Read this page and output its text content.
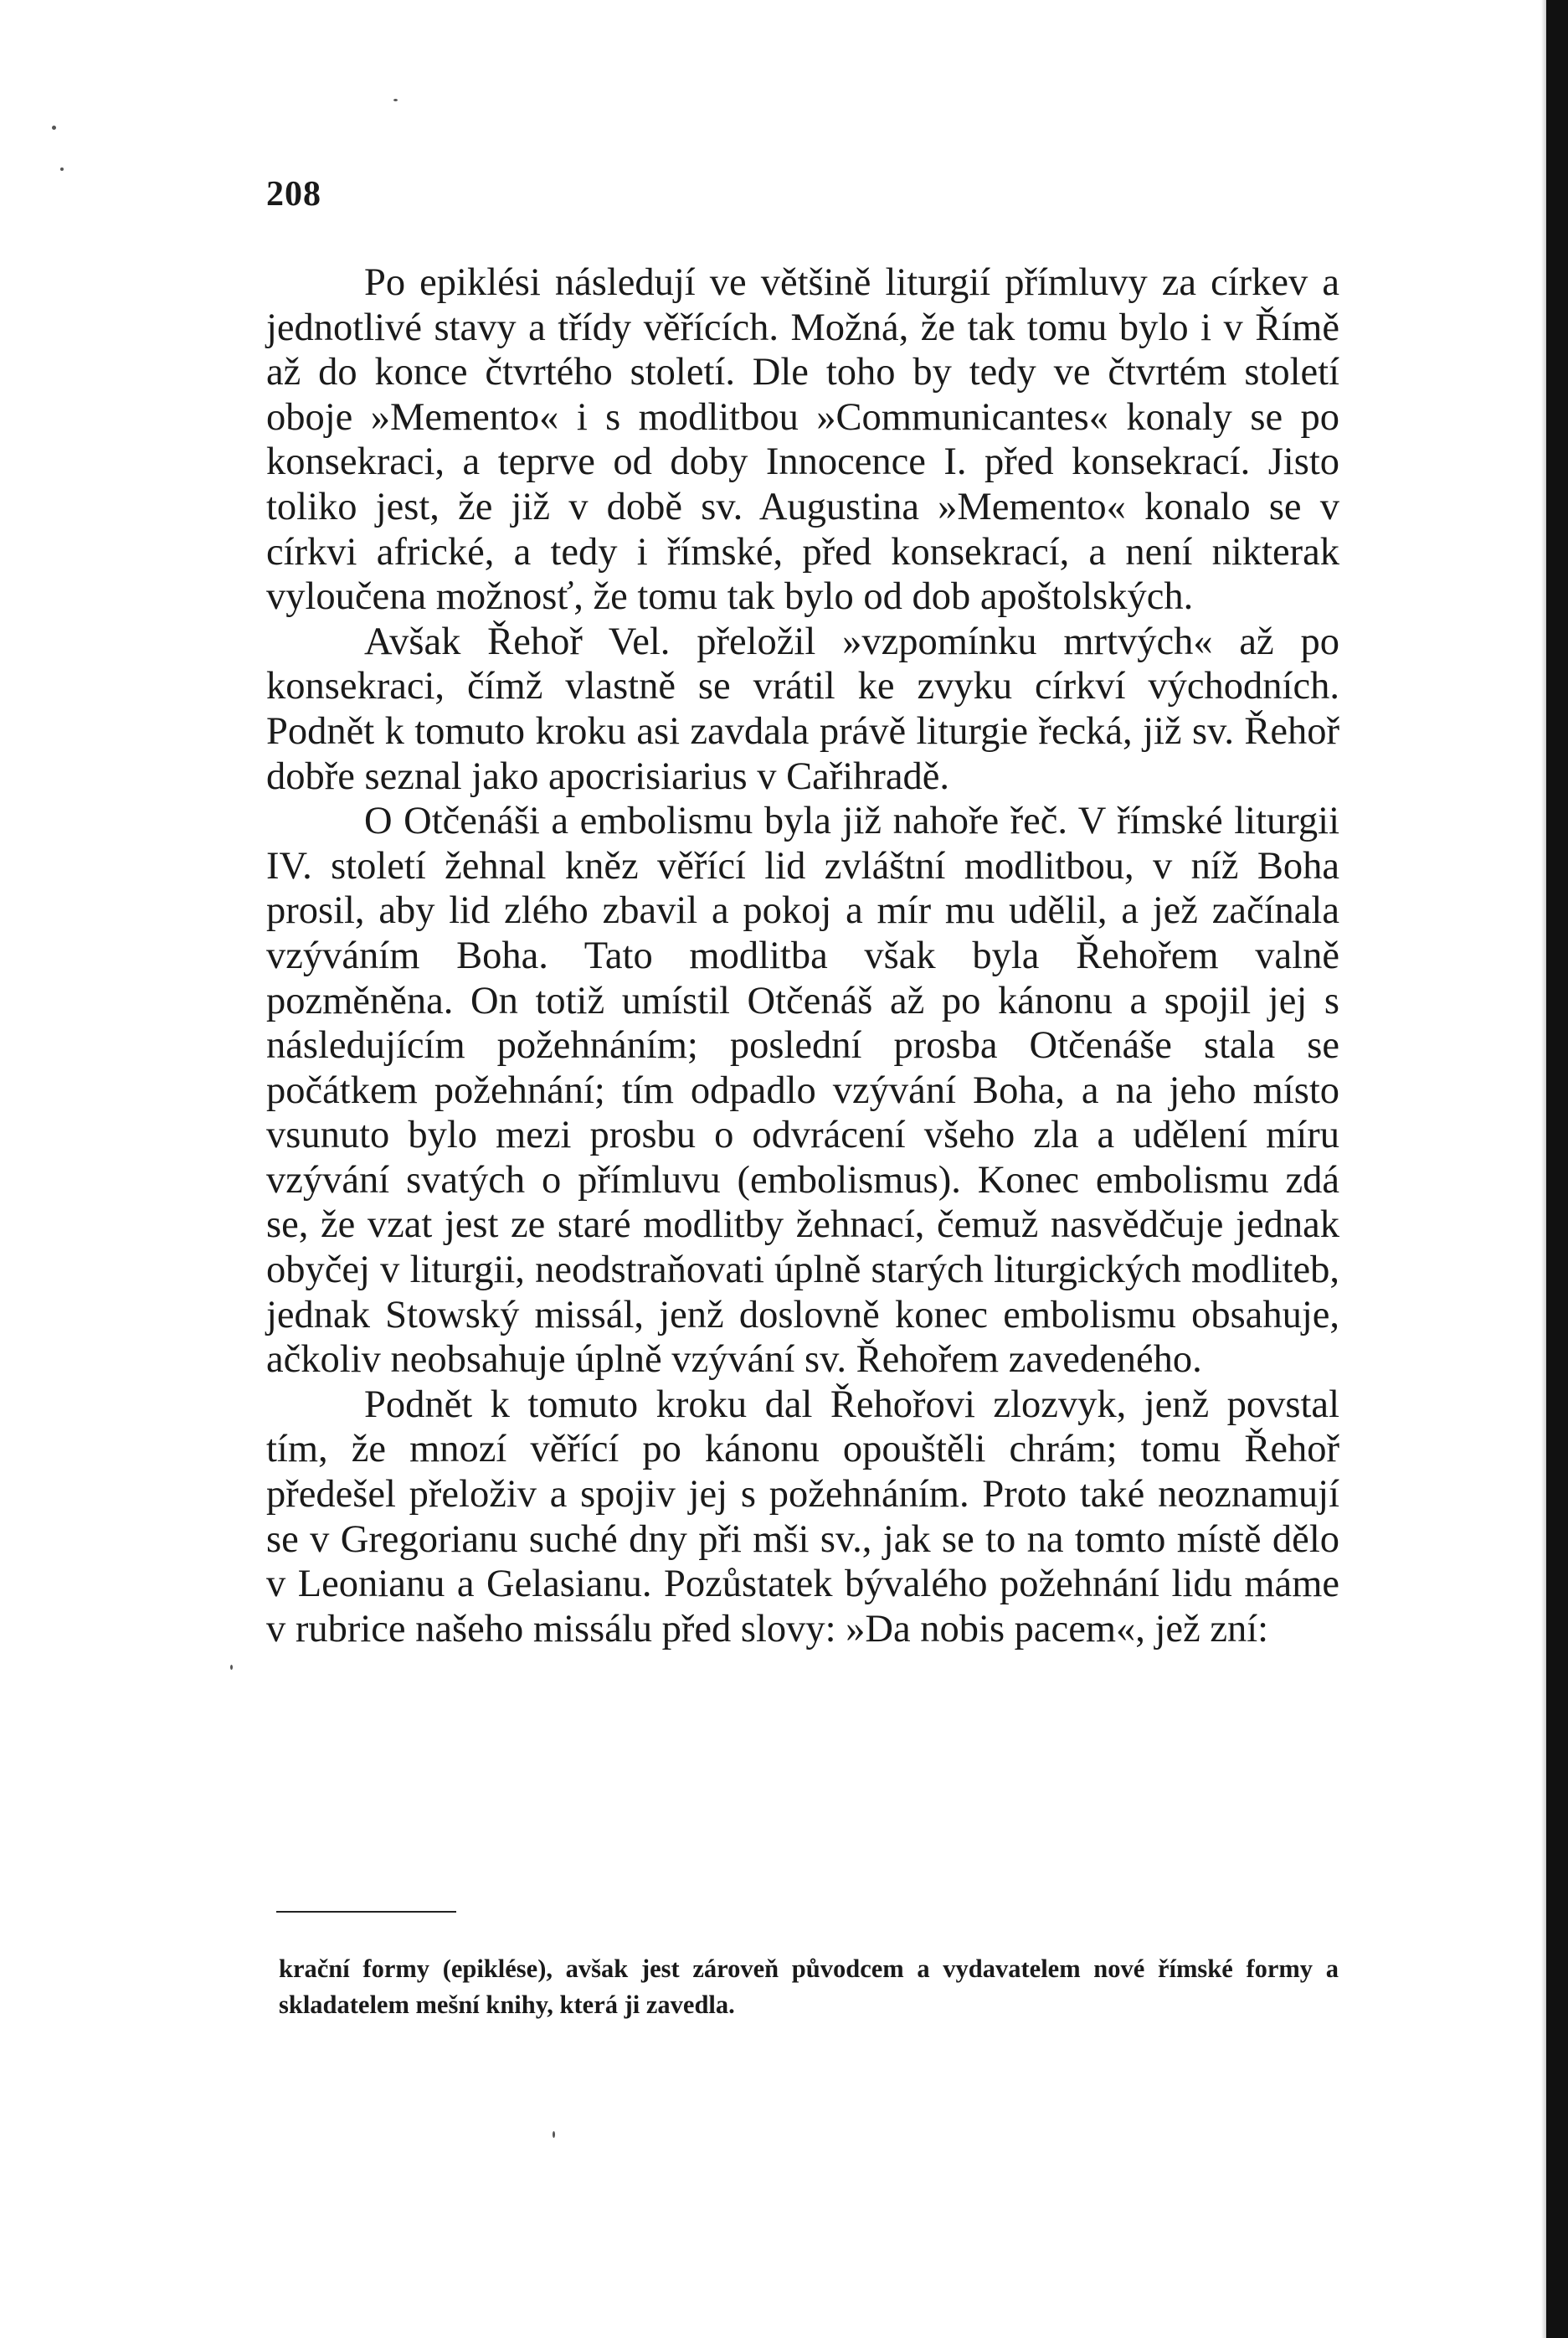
208

Po epiklési následují ve většině liturgií přímluvy za církev a jednotlivé stavy a třídy věřících. Možná, že tak tomu bylo i v Římě až do konce čtvrtého století. Dle toho by tedy ve čtvrtém století oboje »Memento« i s modlitbou »Communicantes« konaly se po konsekraci, a teprve od doby Innocence I. před konsekrací. Jisto toliko jest, že již v době sv. Augustina »Memento« konalo se v církvi africké, a tedy i římské, před konsekrací, a není nikterak vyloučena možnosť, že tomu tak bylo od dob apoštolských.

Avšak Řehoř Vel. přeložil »vzpomínku mrtvých« až po konsekraci, čímž vlastně se vrátil ke zvyku církví východních. Podnět k tomuto kroku asi zavdala právě liturgie řecká, již sv. Řehoř dobře seznal jako apocrisiarius v Cařihradě.

O Otčenáši a embolismu byla již nahoře řeč. V římské liturgii IV. století žehnal kněz věřící lid zvláštní modlitbou, v níž Boha prosil, aby lid zlého zbavil a pokoj a mír mu udělil, a jež začínala vzýváním Boha. Tato modlitba však byla Řehořem valně pozměněna. On totiž umístil Otčenáš až po kánonu a spojil jej s následujícím požehnáním; poslední prosba Otčenáše stala se počátkem požehnání; tím odpadlo vzývání Boha, a na jeho místo vsunuto bylo mezi prosbu o odvrácení všeho zla a udělení míru vzývání svatých o přímluvu (embolismus). Konec embolismu zdá se, že vzat jest ze staré modlitby žehnací, čemuž nasvědčuje jednak obyčej v liturgii, neodstraňovati úplně starých liturgických modliteb, jednak Stowský missál, jenž doslovně konec embolismu obsahuje, ačkoliv neobsahuje úplně vzývání sv. Řehořem zavedeného.

Podnět k tomuto kroku dal Řehořovi zlozvyk, jenž povstal tím, že mnozí věřící po kánonu opouštěli chrám; tomu Řehoř předešel přeloživ a spojiv jej s požehnáním. Proto také neoznamují se v Gregorianu suché dny při mši sv., jak se to na tomto místě dělo v Leonianu a Gelasianu. Pozůstatek bývalého požehnání lidu máme v rubrice našeho missálu před slovy: »Da nobis pacem«, jež zní:

krační formy (epiklése), avšak jest zároveň původcem a vydavatelem nové římské formy a skladatelem mešní knihy, která ji zavedla.
